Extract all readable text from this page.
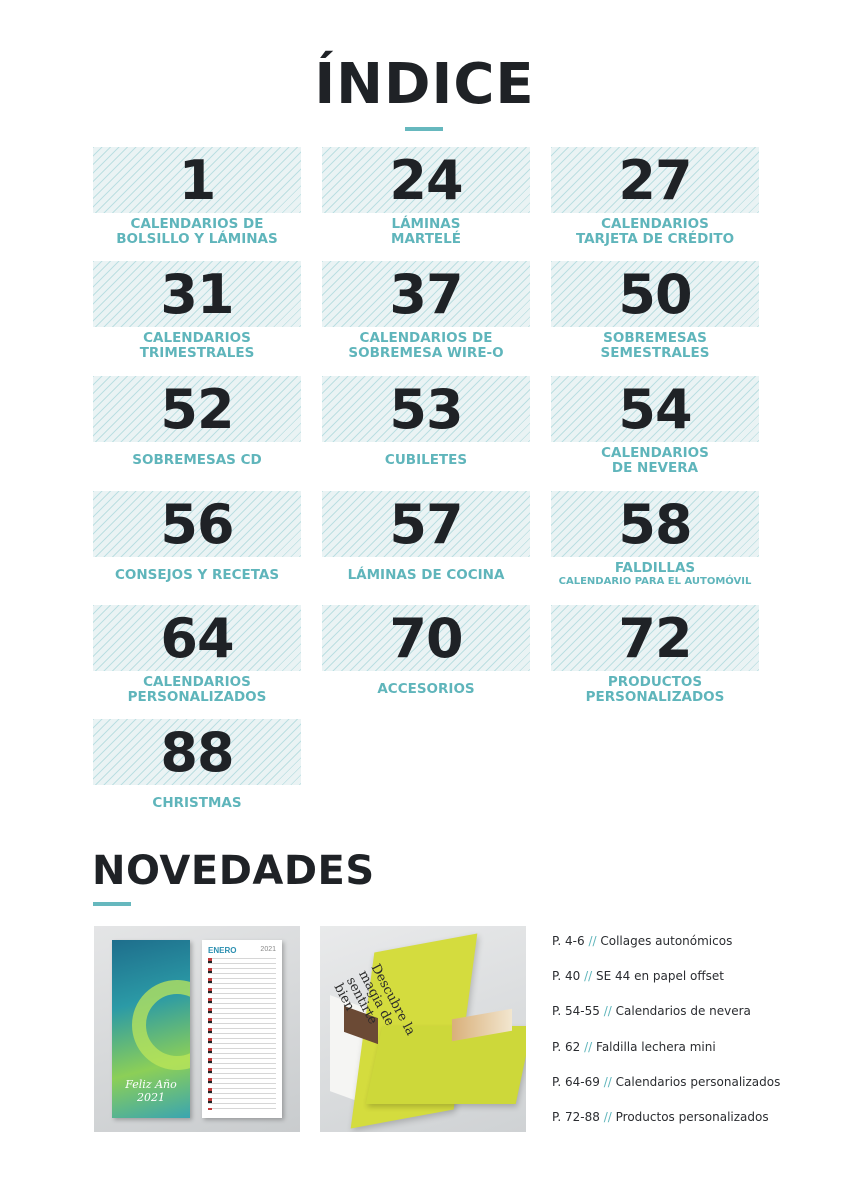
ÍNDICE
1
CALENDARIOS DE
BOLSILLO Y LÁMINAS
24
LÁMINAS
MARTELÉ
27
CALENDARIOS
TARJETA DE CRÉDITO
31
CALENDARIOS
TRIMESTRALES
37
CALENDARIOS DE
SOBREMESA WIRE-O
50
SOBREMESAS
SEMESTRALES
52
SOBREMESAS CD
53
CUBILETES
54
CALENDARIOS
DE NEVERA
56
CONSEJOS Y RECETAS
57
LÁMINAS DE COCINA
58
FALDILLAS
CALENDARIO PARA EL AUTOMÓVIL
64
CALENDARIOS
PERSONALIZADOS
70
ACCESORIOS
72
PRODUCTOS
PERSONALIZADOS
88
CHRISTMAS
NOVEDADES
Feliz Año 2021
ENERO	2021
Descubre la magia de sentirte bien
P. 4-6 // Collages autonómicos
P. 40 // SE 44 en papel offset
P. 54-55 // Calendarios de nevera
P. 62 // Faldilla lechera mini
P. 64-69 // Calendarios personalizados
P. 72-88 // Productos personalizados
